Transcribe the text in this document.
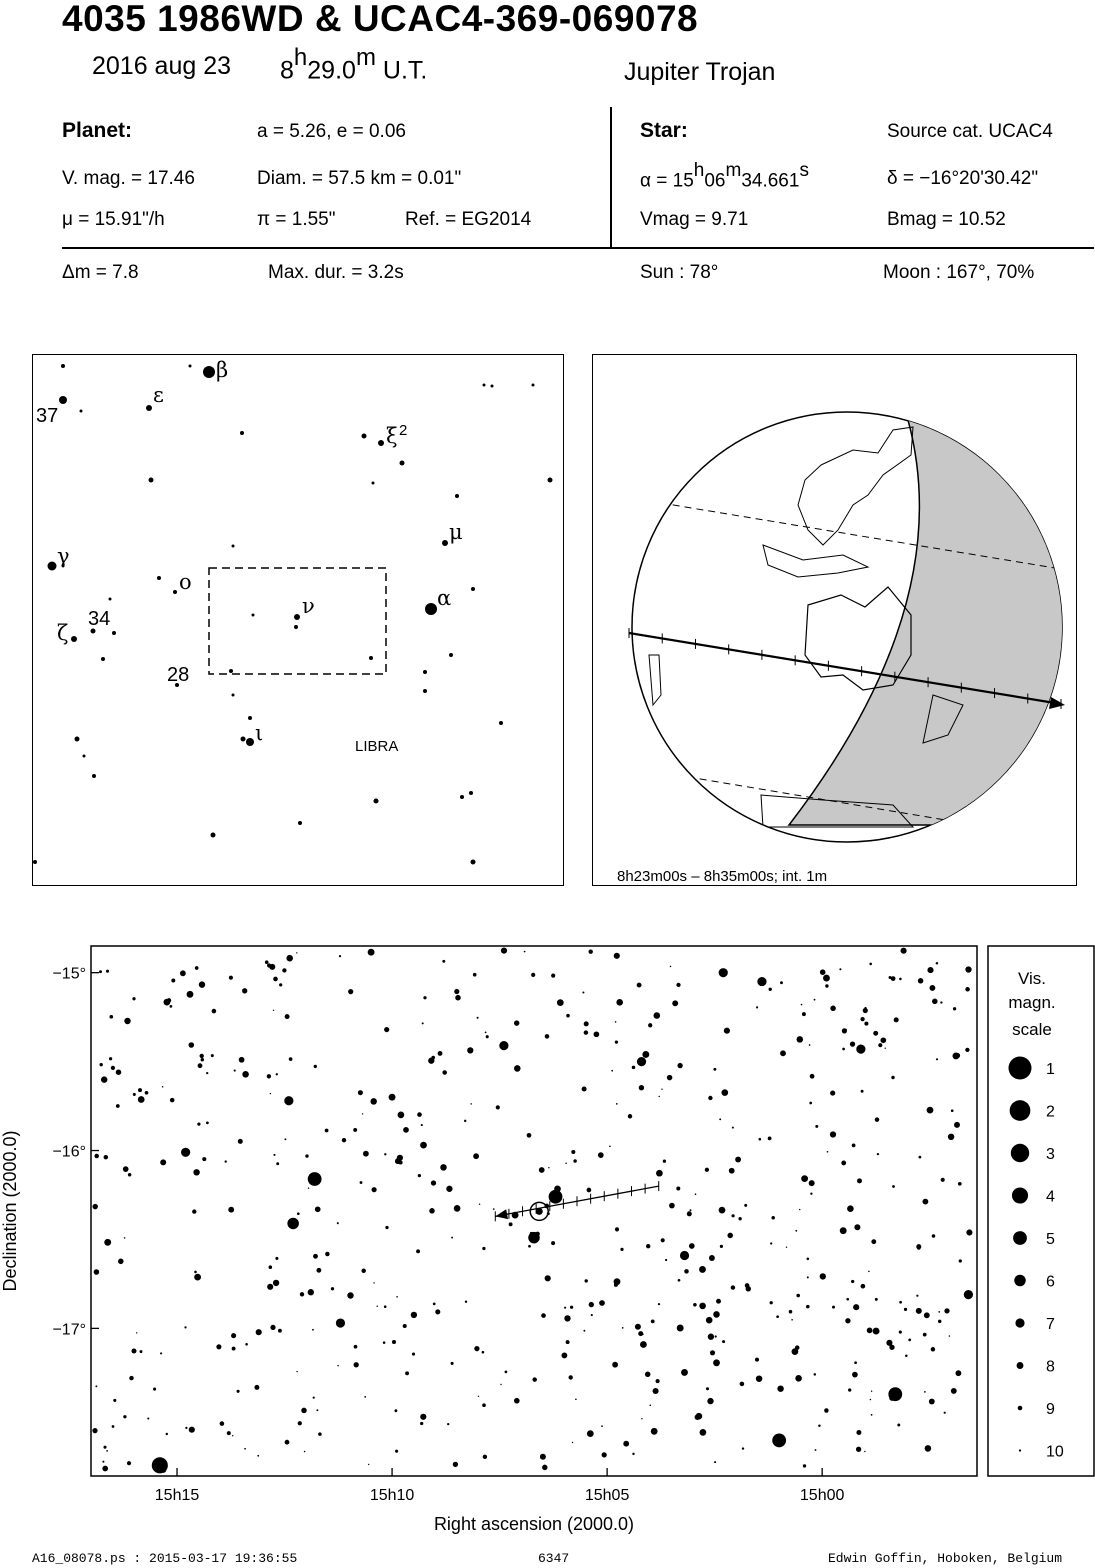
4035 1986WD & UCAC4-369-069078
2016 aug 23 8$^h$29.0$^m$ U.T.	Jupiter Trojan
Planet:	a = 5.26, e = 0.06
V. mag. = 17.46	Diam. = 57.5 km = 0.01"
μ = 15.91"/h	π = 1.55"	Ref. = EG2014
Star:	Source cat. UCAC4
$\alpha = 15^h06^m34.661^s$	δ = −16°20'30.42"
Vmag = 9.71	Bmag = 10.52
Δm = 7.8	Max. dur. = 3.2s	Sun : 78°	Moon : 167°, 70%
37
ε
β
ξ 2
μ
γ
ο
α
ζ
34
ν
28
ι
LIBRA
8h23m00s – 8h35m00s; int. 1m
15h15	15h10	15h05	15h00
−15°
−16°
−17°
Right ascension (2000.0)
Declination (2000.0)
Vis.
magn.
scale
1
2
3
4
5
6
7
8
9
10
A16_08078.ps : 2015-03-17 19:36:55	6347	Edwin Goffin, Hoboken, Belgium
